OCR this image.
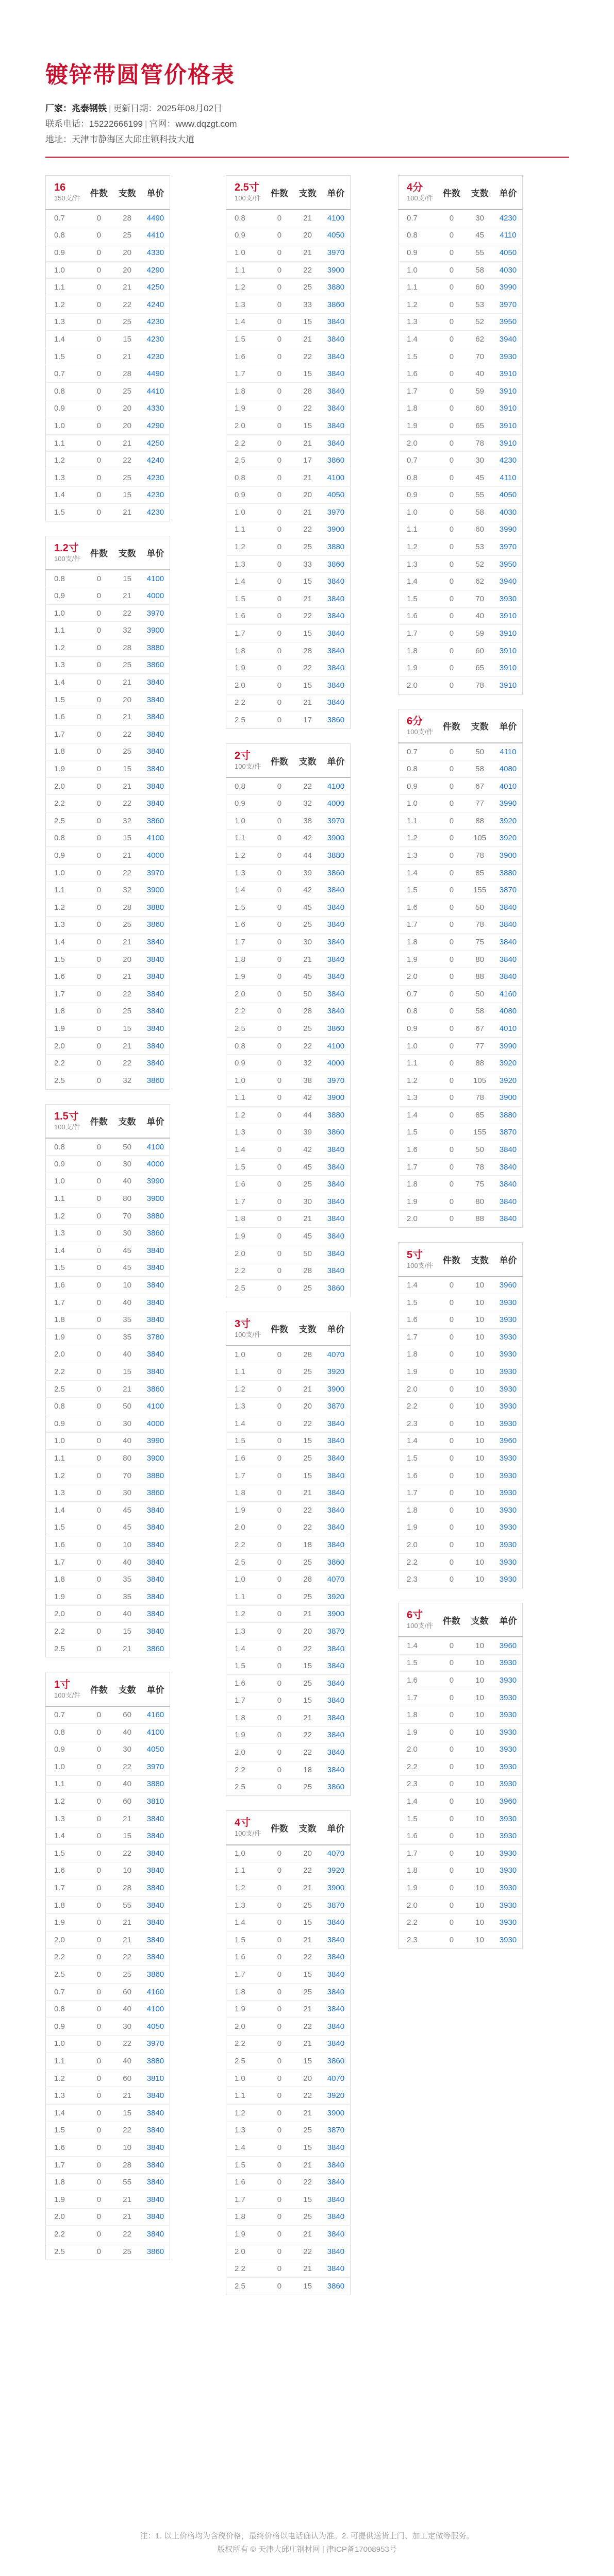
镀锌带圆管价格表
厂家：兆泰钢铁 | 更新日期：2025年08月02日
联系电话：15222666199 | 官网：www.dqzgt.com
地址：天津市静海区大邱庄镇科技大道
16
150支/件	件数	支数	单价
0.7	0	28	4490
0.8	0	25	4410
0.9	0	20	4330
1.0	0	20	4290
1.1	0	21	4250
1.2	0	22	4240
1.3	0	25	4230
1.4	0	15	4230
1.5	0	21	4230
0.7	0	28	4490
0.8	0	25	4410
0.9	0	20	4330
1.0	0	20	4290
1.1	0	21	4250
1.2	0	22	4240
1.3	0	25	4230
1.4	0	15	4230
1.5	0	21	4230
1.2寸
100支/件	件数	支数	单价
0.8	0	15	4100
0.9	0	21	4000
1.0	0	22	3970
1.1	0	32	3900
1.2	0	28	3880
1.3	0	25	3860
1.4	0	21	3840
1.5	0	20	3840
1.6	0	21	3840
1.7	0	22	3840
1.8	0	25	3840
1.9	0	15	3840
2.0	0	21	3840
2.2	0	22	3840
2.5	0	32	3860
0.8	0	15	4100
0.9	0	21	4000
1.0	0	22	3970
1.1	0	32	3900
1.2	0	28	3880
1.3	0	25	3860
1.4	0	21	3840
1.5	0	20	3840
1.6	0	21	3840
1.7	0	22	3840
1.8	0	25	3840
1.9	0	15	3840
2.0	0	21	3840
2.2	0	22	3840
2.5	0	32	3860
1.5寸
100支/件	件数	支数	单价
0.8	0	50	4100
0.9	0	30	4000
1.0	0	40	3990
1.1	0	80	3900
1.2	0	70	3880
1.3	0	30	3860
1.4	0	45	3840
1.5	0	45	3840
1.6	0	10	3840
1.7	0	40	3840
1.8	0	35	3840
1.9	0	35	3780
2.0	0	40	3840
2.2	0	15	3840
2.5	0	21	3860
0.8	0	50	4100
0.9	0	30	4000
1.0	0	40	3990
1.1	0	80	3900
1.2	0	70	3880
1.3	0	30	3860
1.4	0	45	3840
1.5	0	45	3840
1.6	0	10	3840
1.7	0	40	3840
1.8	0	35	3840
1.9	0	35	3840
2.0	0	40	3840
2.2	0	15	3840
2.5	0	21	3860
1寸
100支/件	件数	支数	单价
0.7	0	60	4160
0.8	0	40	4100
0.9	0	30	4050
1.0	0	22	3970
1.1	0	40	3880
1.2	0	60	3810
1.3	0	21	3840
1.4	0	15	3840
1.5	0	22	3840
1.6	0	10	3840
1.7	0	28	3840
1.8	0	55	3840
1.9	0	21	3840
2.0	0	21	3840
2.2	0	22	3840
2.5	0	25	3860
0.7	0	60	4160
0.8	0	40	4100
0.9	0	30	4050
1.0	0	22	3970
1.1	0	40	3880
1.2	0	60	3810
1.3	0	21	3840
1.4	0	15	3840
1.5	0	22	3840
1.6	0	10	3840
1.7	0	28	3840
1.8	0	55	3840
1.9	0	21	3840
2.0	0	21	3840
2.2	0	22	3840
2.5	0	25	3860
2.5寸
100支/件	件数	支数	单价
0.8	0	21	4100
0.9	0	20	4050
1.0	0	21	3970
1.1	0	22	3900
1.2	0	25	3880
1.3	0	33	3860
1.4	0	15	3840
1.5	0	21	3840
1.6	0	22	3840
1.7	0	15	3840
1.8	0	28	3840
1.9	0	22	3840
2.0	0	15	3840
2.2	0	21	3840
2.5	0	17	3860
0.8	0	21	4100
0.9	0	20	4050
1.0	0	21	3970
1.1	0	22	3900
1.2	0	25	3880
1.3	0	33	3860
1.4	0	15	3840
1.5	0	21	3840
1.6	0	22	3840
1.7	0	15	3840
1.8	0	28	3840
1.9	0	22	3840
2.0	0	15	3840
2.2	0	21	3840
2.5	0	17	3860
2寸
100支/件	件数	支数	单价
0.8	0	22	4100
0.9	0	32	4000
1.0	0	38	3970
1.1	0	42	3900
1.2	0	44	3880
1.3	0	39	3860
1.4	0	42	3840
1.5	0	45	3840
1.6	0	25	3840
1.7	0	30	3840
1.8	0	21	3840
1.9	0	45	3840
2.0	0	50	3840
2.2	0	28	3840
2.5	0	25	3860
0.8	0	22	4100
0.9	0	32	4000
1.0	0	38	3970
1.1	0	42	3900
1.2	0	44	3880
1.3	0	39	3860
1.4	0	42	3840
1.5	0	45	3840
1.6	0	25	3840
1.7	0	30	3840
1.8	0	21	3840
1.9	0	45	3840
2.0	0	50	3840
2.2	0	28	3840
2.5	0	25	3860
3寸
100支/件	件数	支数	单价
1.0	0	28	4070
1.1	0	25	3920
1.2	0	21	3900
1.3	0	20	3870
1.4	0	22	3840
1.5	0	15	3840
1.6	0	25	3840
1.7	0	15	3840
1.8	0	21	3840
1.9	0	22	3840
2.0	0	22	3840
2.2	0	18	3840
2.5	0	25	3860
1.0	0	28	4070
1.1	0	25	3920
1.2	0	21	3900
1.3	0	20	3870
1.4	0	22	3840
1.5	0	15	3840
1.6	0	25	3840
1.7	0	15	3840
1.8	0	21	3840
1.9	0	22	3840
2.0	0	22	3840
2.2	0	18	3840
2.5	0	25	3860
4寸
100支/件	件数	支数	单价
1.0	0	20	4070
1.1	0	22	3920
1.2	0	21	3900
1.3	0	25	3870
1.4	0	15	3840
1.5	0	21	3840
1.6	0	22	3840
1.7	0	15	3840
1.8	0	25	3840
1.9	0	21	3840
2.0	0	22	3840
2.2	0	21	3840
2.5	0	15	3860
1.0	0	20	4070
1.1	0	22	3920
1.2	0	21	3900
1.3	0	25	3870
1.4	0	15	3840
1.5	0	21	3840
1.6	0	22	3840
1.7	0	15	3840
1.8	0	25	3840
1.9	0	21	3840
2.0	0	22	3840
2.2	0	21	3840
2.5	0	15	3860
4分
100支/件	件数	支数	单价
0.7	0	30	4230
0.8	0	45	4110
0.9	0	55	4050
1.0	0	58	4030
1.1	0	60	3990
1.2	0	53	3970
1.3	0	52	3950
1.4	0	62	3940
1.5	0	70	3930
1.6	0	40	3910
1.7	0	59	3910
1.8	0	60	3910
1.9	0	65	3910
2.0	0	78	3910
0.7	0	30	4230
0.8	0	45	4110
0.9	0	55	4050
1.0	0	58	4030
1.1	0	60	3990
1.2	0	53	3970
1.3	0	52	3950
1.4	0	62	3940
1.5	0	70	3930
1.6	0	40	3910
1.7	0	59	3910
1.8	0	60	3910
1.9	0	65	3910
2.0	0	78	3910
6分
100支/件	件数	支数	单价
0.7	0	50	4110
0.8	0	58	4080
0.9	0	67	4010
1.0	0	77	3990
1.1	0	88	3920
1.2	0	105	3920
1.3	0	78	3900
1.4	0	85	3880
1.5	0	155	3870
1.6	0	50	3840
1.7	0	78	3840
1.8	0	75	3840
1.9	0	80	3840
2.0	0	88	3840
0.7	0	50	4160
0.8	0	58	4080
0.9	0	67	4010
1.0	0	77	3990
1.1	0	88	3920
1.2	0	105	3920
1.3	0	78	3900
1.4	0	85	3880
1.5	0	155	3870
1.6	0	50	3840
1.7	0	78	3840
1.8	0	75	3840
1.9	0	80	3840
2.0	0	88	3840
5寸
100支/件	件数	支数	单价
1.4	0	10	3960
1.5	0	10	3930
1.6	0	10	3930
1.7	0	10	3930
1.8	0	10	3930
1.9	0	10	3930
2.0	0	10	3930
2.2	0	10	3930
2.3	0	10	3930
1.4	0	10	3960
1.5	0	10	3930
1.6	0	10	3930
1.7	0	10	3930
1.8	0	10	3930
1.9	0	10	3930
2.0	0	10	3930
2.2	0	10	3930
2.3	0	10	3930
6寸
100支/件	件数	支数	单价
1.4	0	10	3960
1.5	0	10	3930
1.6	0	10	3930
1.7	0	10	3930
1.8	0	10	3930
1.9	0	10	3930
2.0	0	10	3930
2.2	0	10	3930
2.3	0	10	3930
1.4	0	10	3960
1.5	0	10	3930
1.6	0	10	3930
1.7	0	10	3930
1.8	0	10	3930
1.9	0	10	3930
2.0	0	10	3930
2.2	0	10	3930
2.3	0	10	3930
注：1. 以上价格均为含税价格，最终价格以电话确认为准。2. 可提供送货上门、加工定做等服务。
版权所有 © 天津大邱庄钢材网 | 津ICP备17008953号
